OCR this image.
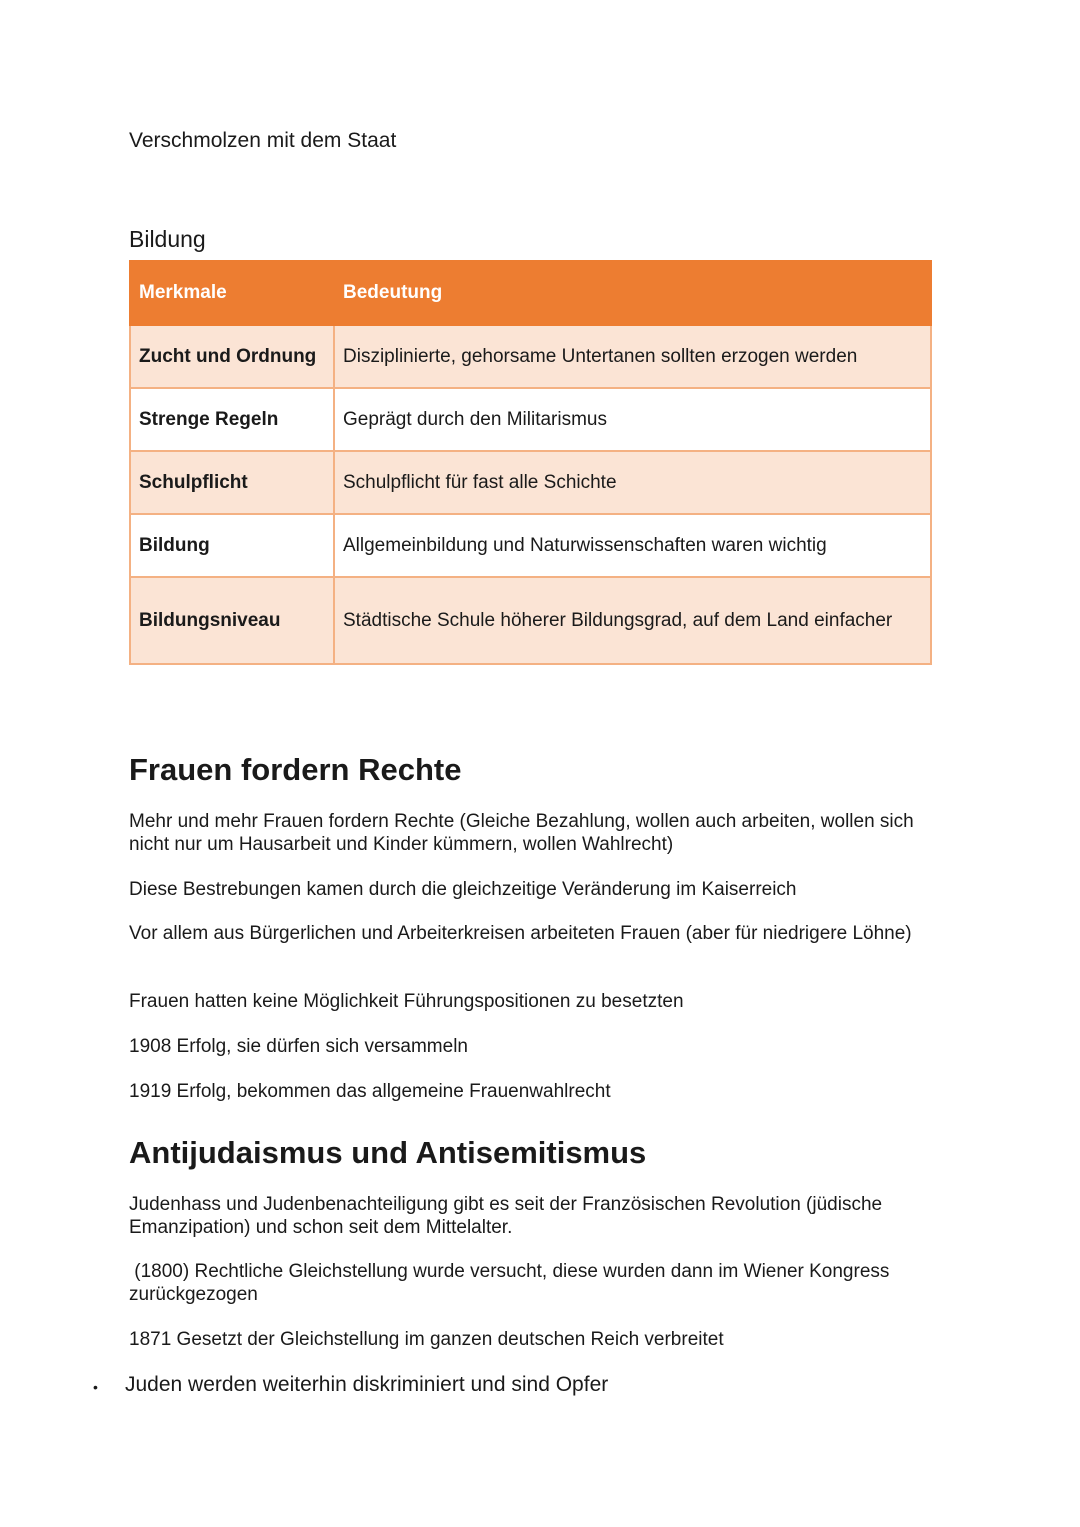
Verschmolzen mit dem Staat
Bildung
Merkmale	Bedeutung
Zucht und Ordnung	Disziplinierte, gehorsame Untertanen sollten erzogen werden
Strenge Regeln	Geprägt durch den Militarismus
Schulpflicht	Schulpflicht für fast alle Schichte
Bildung	Allgemeinbildung und Naturwissenschaften waren wichtig
Bildungsniveau	Städtische Schule höherer Bildungsgrad, auf dem Land einfacher
Frauen fordern Rechte
Mehr und mehr Frauen fordern Rechte (Gleiche Bezahlung, wollen auch arbeiten, wollen sich nicht nur um Hausarbeit und Kinder kümmern, wollen Wahlrecht)
Diese Bestrebungen kamen durch die gleichzeitige Veränderung im Kaiserreich
Vor allem aus Bürgerlichen und Arbeiterkreisen arbeiteten Frauen (aber für niedrigere Löhne)
Frauen hatten keine Möglichkeit Führungspositionen zu besetzten
1908 Erfolg, sie dürfen sich versammeln
1919 Erfolg, bekommen das allgemeine Frauenwahlrecht
Antijudaismus und Antisemitismus
Judenhass und Judenbenachteiligung gibt es seit der Französischen Revolution (jüdische Emanzipation) und schon seit dem Mittelalter.
(1800) Rechtliche Gleichstellung wurde versucht, diese wurden dann im Wiener Kongress zurückgezogen
1871 Gesetzt der Gleichstellung im ganzen deutschen Reich verbreitet
• Juden werden weiterhin diskriminiert und sind Opfer
